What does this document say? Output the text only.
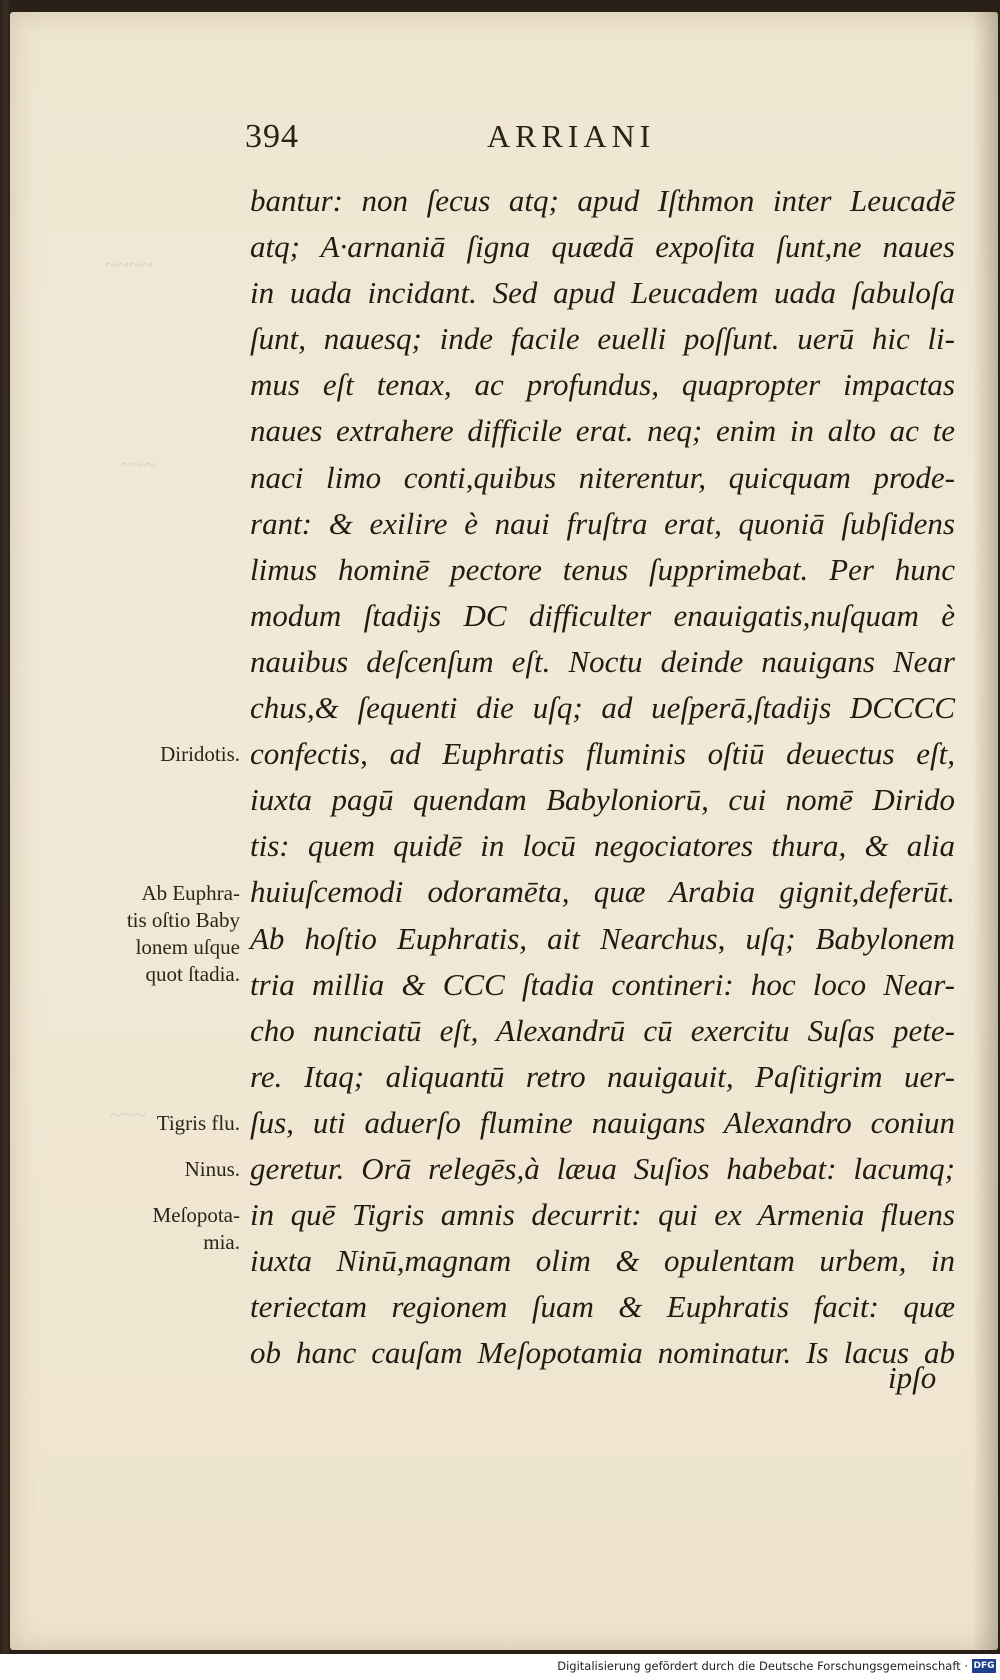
~~~~
~~~
~~~
394	ARRIANI
bantur: non ſecus atq; apud Iſthmon inter Leucadē
atq; A·arnaniā ſigna quædā expoſita ſunt,ne naues
in uada incidant. Sed apud Leucadem uada ſabuloſa
ſunt, nauesq; inde facile euelli poſſunt. uerū hic li-
mus eſt tenax, ac profundus, quapropter impactas
naues extrahere difficile erat. neq; enim in alto ac te
naci limo conti,quibus niterentur, quicquam prode-
rant: & exilire è naui fruſtra erat, quoniā ſubſidens
limus hominē pectore tenus ſupprimebat. Per hunc
modum ſtadijs DC difficulter enauigatis,nuſquam è
nauibus deſcenſum eſt. Noctu deinde nauigans Near
chus,& ſequenti die uſq; ad ueſperā,ſtadijs DCCCC
confectis, ad Euphratis fluminis oſtiū deuectus eſt,
iuxta pagū quendam Babyloniorū, cui nomē Dirido
tis: quem quidē in locū negociatores thura, & alia
huiuſcemodi odoramēta, quæ Arabia gignit,deferūt.
Ab hoſtio Euphratis, ait Nearchus, uſq; Babylonem
tria millia & CCC ſtadia contineri: hoc loco Near-
cho nunciatū eſt, Alexandrū cū exercitu Suſas pete-
re. Itaq; aliquantū retro nauigauit, Paſitigrim uer-
ſus, uti aduerſo flumine nauigans Alexandro coniun
geretur. Orā relegēs,à læua Suſios habebat: lacumq;
in quē Tigris amnis decurrit: qui ex Armenia fluens
iuxta Ninū,magnam olim & opulentam urbem, in
teriectam regionem ſuam & Euphratis facit: quæ
ob hanc cauſam Meſopotamia nominatur. Is lacus ab
ipſo
Diridotis.
Ab Euphra-
tis oſtio Baby
lonem uſque
quot ſtadia.
Tigris flu.
Ninus.
Meſopota-
mia.
Digitalisierung gefördert durch die Deutsche Forschungsgemeinschaft · DFG
